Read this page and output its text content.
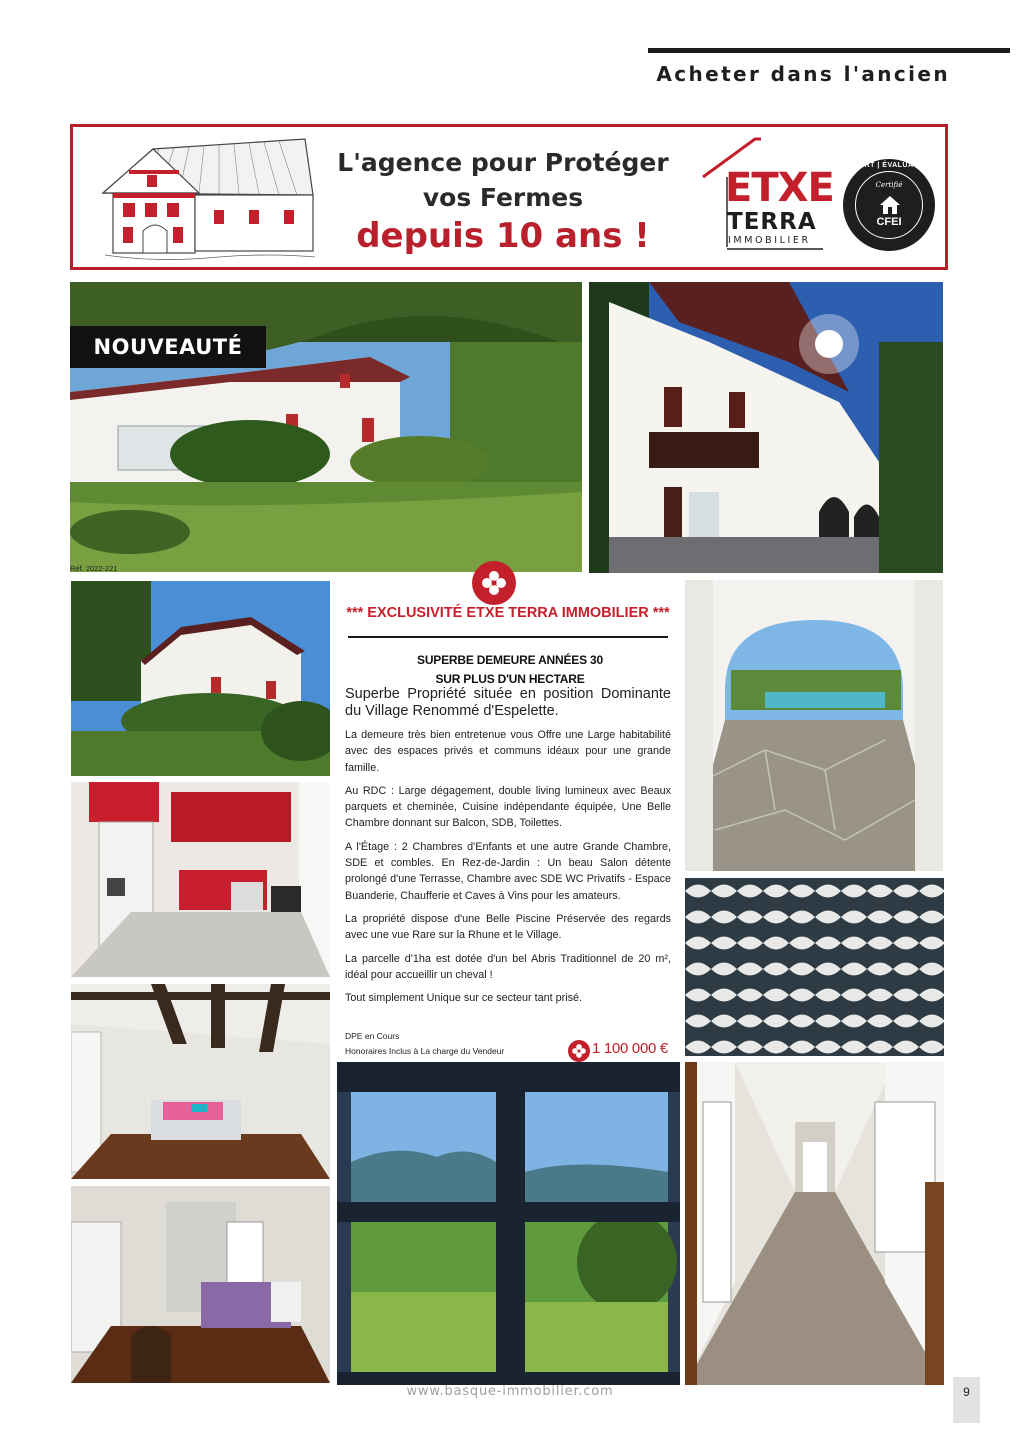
Acheter dans l'ancien
L'agence pour Protéger
vos Fermes
depuis 10 ans !
ETXE
TERRA
IMMOBILIER
EXPERT | ÉVALUATEUR
Certifié
CFEI
NOUVEAUTÉ
Réf. 2022-221
*** EXCLUSIVITÉ ETXE TERRA IMMOBILIER ***
SUPERBE DEMEURE ANNÉES 30
SUR PLUS D'UN HECTARE
Superbe Propriété située en position Dominante
du Village Renommé d'Espelette.

La demeure très bien entretenue vous Offre une Large habitabilité avec des espaces privés et communs idéaux pour une grande famille.

Au RDC : Large dégagement, double living lumineux avec Beaux parquets et cheminée, Cuisine indépendante équipée, Une Belle Chambre donnant sur Balcon, SDB, Toilettes.

A l'Étage : 2 Chambres d'Enfants et une autre Grande Chambre, SDE et combles. En Rez-de-Jardin : Un beau Salon détente prolongé d'une Terrasse, Chambre avec SDE WC Privatifs - Espace Buanderie, Chaufferie et Caves à Vins pour les amateurs.

La propriété dispose d'une Belle Piscine Préservée des regards avec une vue Rare sur la Rhune et le Village.

La parcelle d'1ha est dotée d'un bel Abris Traditionnel de 20 m², idéal pour accueillir un cheval !

Tout simplement Unique sur ce secteur tant prisé.

DPE en Cours
Honoraires Inclus à La charge du Vendeur	1 100 000 €
www.basque-immobilier.com	9
